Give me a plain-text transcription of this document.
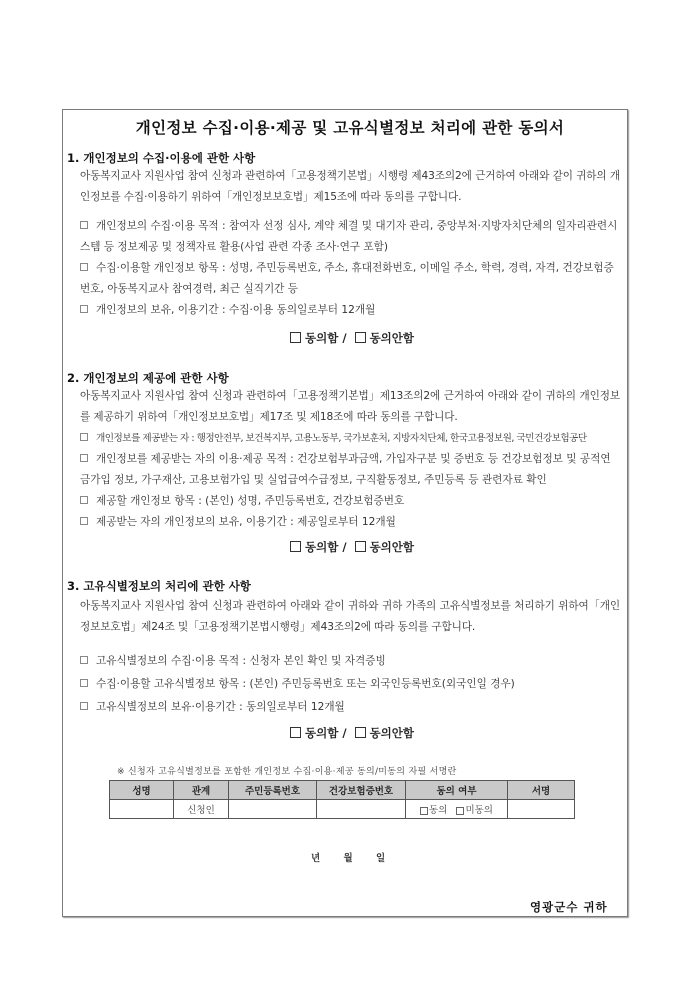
개인정보 수집·이용·제공 및 고유식별정보 처리에 관한 동의서
1. 개인정보의 수집·이용에 관한 사항
아동복지교사 지원사업 참여 신청과 관련하여「고용정책기본법」시행령 제43조의2에 근거하여 아래와 같이 귀하의 개인정보를 수집·이용하기 위하여「개인정보보호법」제15조에 따라 동의를 구합니다.
개인정보의 수집·이용 목적 : 참여자 선정 심사, 계약 체결 및 대기자 관리, 중앙부처·지방자치단체의 일자리관련시스템 등 정보제공 및 정책자료 활용(사업 관련 각종 조사·연구 포함)
수집·이용할 개인정보 항목 : 성명, 주민등록번호, 주소, 휴대전화번호, 이메일 주소, 학력, 경력, 자격, 건강보험증번호, 아동복지교사 참여경력, 최근 실직기간 등
개인정보의 보유, 이용기간 : 수집·이용 동의일로부터 12개월
동의함 / 동의안함
2. 개인정보의 제공에 관한 사항
아동복지교사 지원사업 참여 신청과 관련하여「고용정책기본법」제13조의2에 근거하여 아래와 같이 귀하의 개인정보를 제공하기 위하여「개인정보보호법」제17조 및 제18조에 따라 동의를 구합니다.
개인정보를 제공받는 자 : 행정안전부, 보건복지부, 고용노동부, 국가보훈처, 지방자치단체, 한국고용정보원, 국민건강보험공단
개인정보를 제공받는 자의 이용·제공 목적 : 건강보험부과금액, 가입자구분 및 증번호 등 건강보험정보 및 공적연금가입 정보, 가구재산, 고용보험가입 및 실업급여수급정보, 구직활동정보, 주민등록 등 관련자료 확인
제공할 개인정보 항목 : (본인) 성명, 주민등록번호, 건강보험증번호
제공받는 자의 개인정보의 보유, 이용기간 : 제공일로부터 12개월
동의함 / 동의안함
3. 고유식별정보의 처리에 관한 사항
아동복지교사 지원사업 참여 신청과 관련하여 아래와 같이 귀하와 귀하 가족의 고유식별정보를 처리하기 위하여「개인정보보호법」제24조 및「고용정책기본법시행령」제43조의2에 따라 동의를 구합니다.
고유식별정보의 수집·이용 목적 : 신청자 본인 확인 및 자격증빙
수집·이용할 고유식별정보 항목 : (본인) 주민등록번호 또는 외국인등록번호(외국인일 경우)
고유식별정보의 보유·이용기간 : 동의일로부터 12개월
동의함 / 동의안함
※ 신청자 고유식별정보를 포함한 개인정보 수집·이용·제공 동의/미동의 자필 서명란
성명	관계	주민등록번호	건강보험증번호	동의 여부	서명
	신청인			동의 미동의	
년 월 일
영광군수 귀하
